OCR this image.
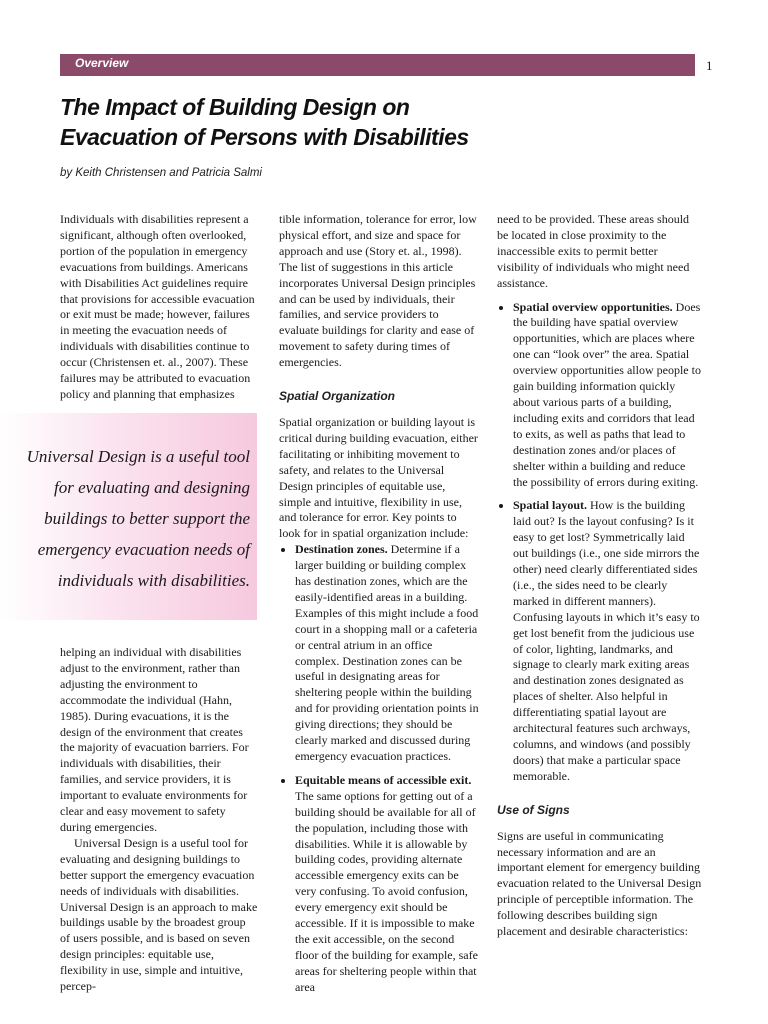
Overview	1
The Impact of Building Design on
Evacuation of Persons with Disabilities
by Keith Christensen and Patricia Salmi

Individuals with disabilities represent a significant, although often overlooked, portion of the population in emergency evacuations from buildings. Americans with Disabilities Act guidelines require that provisions for accessible evacuation or exit must be made; however, failures in meeting the evacuation needs of individuals with disabilities continue to occur (Christensen et. al., 2007). These failures may be attributed to evacuation policy and planning that emphasizes

Universal Design is a useful tool for evaluating and designing buildings to better support the emergency evacuation needs of individuals with disabilities.

helping an individual with disabilities adjust to the environment, rather than adjusting the environment to accommodate the individual (Hahn, 1985). During evacuations, it is the design of the environment that creates the majority of evacuation barriers. For individuals with disabilities, their families, and service providers, it is important to evaluate environments for clear and easy movement to safety during emergencies.

Universal Design is a useful tool for evaluating and designing buildings to better support the emergency evacuation needs of individuals with disabilities. Universal Design is an approach to make buildings usable by the broadest group of users possible, and is based on seven design principles: equitable use, flexibility in use, simple and intuitive, percep-

tible information, tolerance for error, low physical effort, and size and space for approach and use (Story et. al., 1998). The list of suggestions in this article incorporates Universal Design principles and can be used by individuals, their families, and service providers to evaluate buildings for clarity and ease of movement to safety during times of emergencies.

Spatial Organization

Spatial organization or building layout is critical during building evacuation, either facilitating or inhibiting movement to safety, and relates to the Universal Design principles of equitable use, simple and intuitive, flexibility in use, and tolerance for error. Key points to look for in spatial organization include:

• Destination zones. Determine if a larger building or building complex has destination zones, which are the easily-identified areas in a building. Examples of this might include a food court in a shopping mall or a cafeteria or central atrium in an office complex. Destination zones can be useful in designating areas for sheltering people within the building and for providing orientation points in giving directions; they should be clearly marked and discussed during emergency evacuation practices.
• Equitable means of accessible exit. The same options for getting out of a building should be available for all of the population, including those with disabilities. While it is allowable by building codes, providing alternate accessible emergency exits can be very confusing. To avoid confusion, every emergency exit should be accessible. If it is impossible to make the exit accessible, on the second floor of the building for example, safe areas for sheltering people within that area

need to be provided. These areas should be located in close proximity to the inaccessible exits to permit better visibility of individuals who might need assistance.

• Spatial overview opportunities. Does the building have spatial overview opportunities, which are places where one can “look over” the area. Spatial overview opportunities allow people to gain building information quickly about various parts of a building, including exits and corridors that lead to exits, as well as paths that lead to destination zones and/or places of shelter within a building and reduce the possibility of errors during exiting.
• Spatial layout. How is the building laid out? Is the layout confusing? Is it easy to get lost? Symmetrically laid out buildings (i.e., one side mirrors the other) need clearly differentiated sides (i.e., the sides need to be clearly marked in different manners). Confusing layouts in which it’s easy to get lost benefit from the judicious use of color, lighting, landmarks, and signage to clearly mark exiting areas and destination zones designated as places of shelter. Also helpful in differentiating spatial layout are architectural features such archways, columns, and windows (and possibly doors) that make a particular space memorable.

Use of Signs

Signs are useful in communicating necessary information and are an important element for emergency building evacuation related to the Universal Design principle of perceptible information. The following describes building sign placement and desirable characteristics:
